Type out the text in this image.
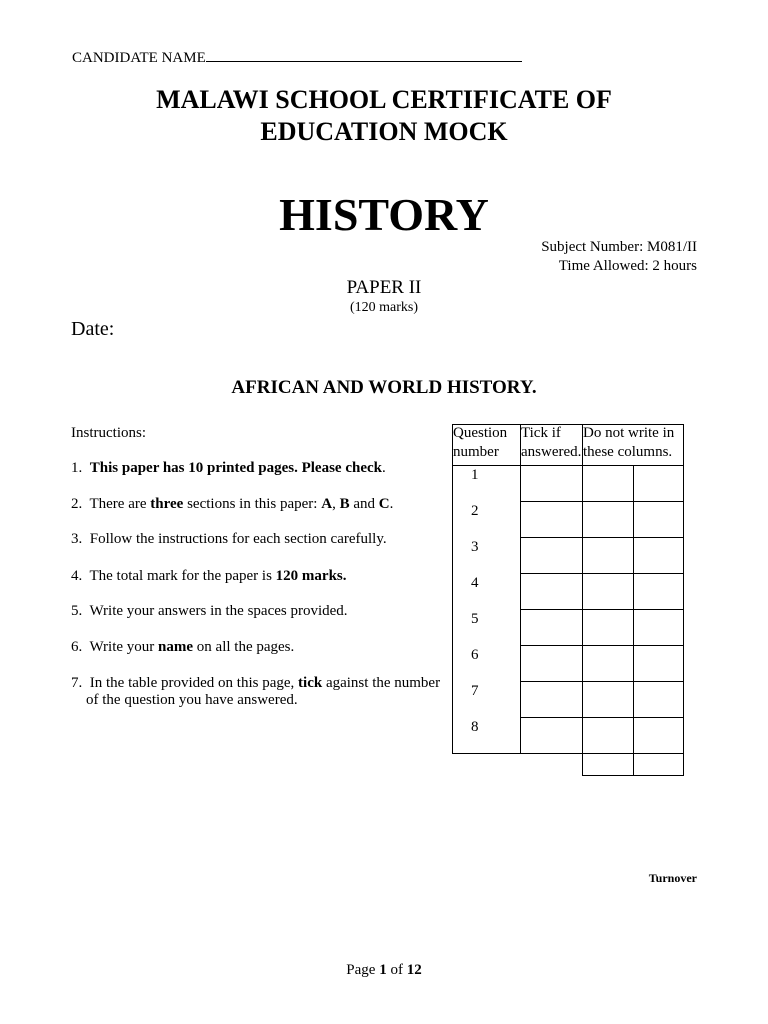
CANDIDATE NAME
MALAWI SCHOOL CERTIFICATE OF
EDUCATION MOCK
HISTORY
Subject Number: M081/II
Time Allowed: 2 hours
PAPER II
(120 marks)
Date:
AFRICAN AND WORLD HISTORY.
Instructions:
1. This paper has 10 printed pages. Please check.
2. There are three sections in this paper: A, B and C.
3. Follow the instructions for each section carefully.
4. The total mark for the paper is 120 marks.
5. Write your answers in the spaces provided.
6. Write your name on all the pages.
7. In the table provided on this page, tick against the number
of the question you have answered.
Question
number
Tick if
answered.
Do not write in
these columns.
1
2
3
4
5
6
7
8
Turnover
Page 1 of 12
